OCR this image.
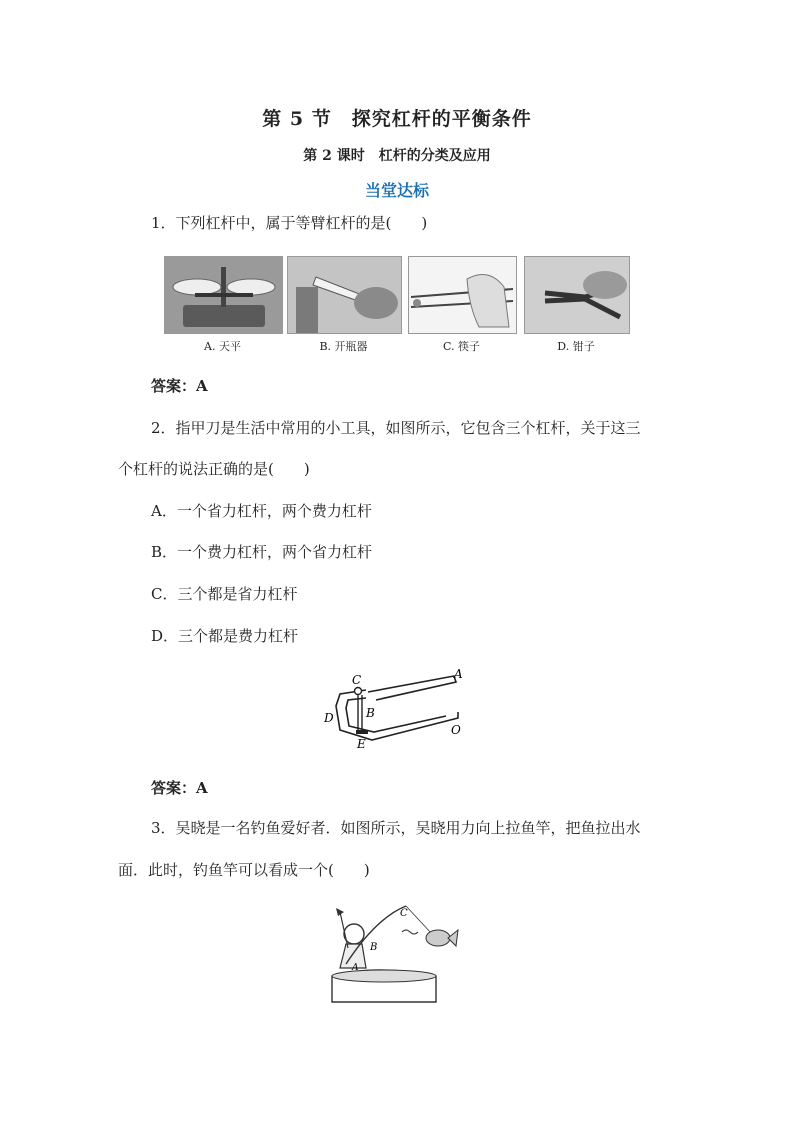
第 5 节　探究杠杆的平衡条件
第 2 课时　杠杆的分类及应用
当堂达标
1．下列杠杆中，属于等臂杠杆的是(　　)
A. 天平	B. 开瓶器	C. 筷子	D. 钳子
答案：A
2．指甲刀是生活中常用的小工具，如图所示，它包含三个杠杆，关于这三
个杠杆的说法正确的是(　　)
A．一个省力杠杆，两个费力杠杆
B．一个费力杠杆，两个省力杠杆
C．三个都是省力杠杆
D．三个都是费力杠杆
C	A
B
D
E
O
答案：A
3．吴晓是一名钓鱼爱好者．如图所示，吴晓用力向上拉鱼竿，把鱼拉出水
面．此时，钓鱼竿可以看成一个(　　)
C
B
A
